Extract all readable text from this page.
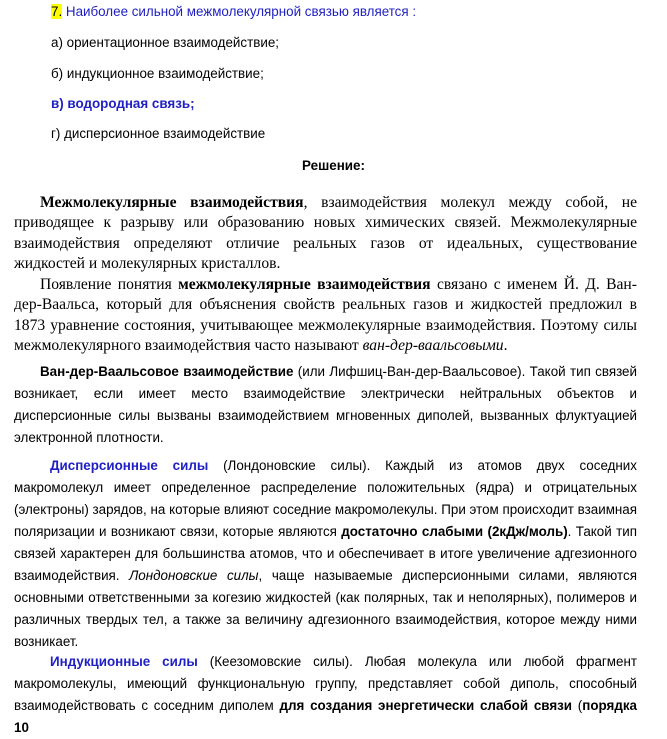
7. Наиболее сильной межмолекулярной связью является :
а) ориентационное взаимодействие;
б) индукционное взаимодействие;
в) водородная связь;
г) дисперсионное взаимодействие
Решение:
Межмолекулярные взаимодействия, взаимодействия молекул между собой, не приводящее к разрыву или образованию новых химических связей. Межмолекулярные взаимодействия определяют отличие реальных газов от идеальных, существование жидкостей и молекулярных кристаллов.
Появление понятия межмолекулярные взаимодействия связано с именем Й. Д. Ван-дер-Ваальса, который для объяснения свойств реальных газов и жидкостей предложил в 1873 уравнение состояния, учитывающее межмолекулярные взаимодействия. Поэтому силы межмолекулярного взаимодействия часто называют ван-дер-ваальсовыми.
Ван-дер-Ваальсовое взаимодействие (или Лифшиц-Ван-дер-Ваальсовое). Такой тип связей возникает, если имеет место взаимодействие электрически нейтральных объектов и дисперсионные силы вызваны взаимодействием мгновенных диполей, вызванных флуктуацией электронной плотности.
Дисперсионные силы (Лондоновские силы). Каждый из атомов двух соседних макромолекул имеет определенное распределение положительных (ядра) и отрицательных (электроны) зарядов, на которые влияют соседние макромолекулы. При этом происходит взаимная поляризации и возникают связи, которые являются достаточно слабыми (2кДж/моль). Такой тип связей характерен для большинства атомов, что и обеспечивает в итоге увеличение адгезионного взаимодействия. Лондоновские силы, чаще называемые дисперсионными силами, являются основными ответственными за когезию жидкостей (как полярных, так и неполярных), полимеров и различных твердых тел, а также за величину адгезионного взаимодействия, которое между ними возникает.
Индукционные силы (Кеезомовские силы). Любая молекула или любой фрагмент макромолекулы, имеющий функциональную группу, представляет собой диполь, способный взаимодействовать с соседним диполем для создания энергетически слабой связи (порядка 10
